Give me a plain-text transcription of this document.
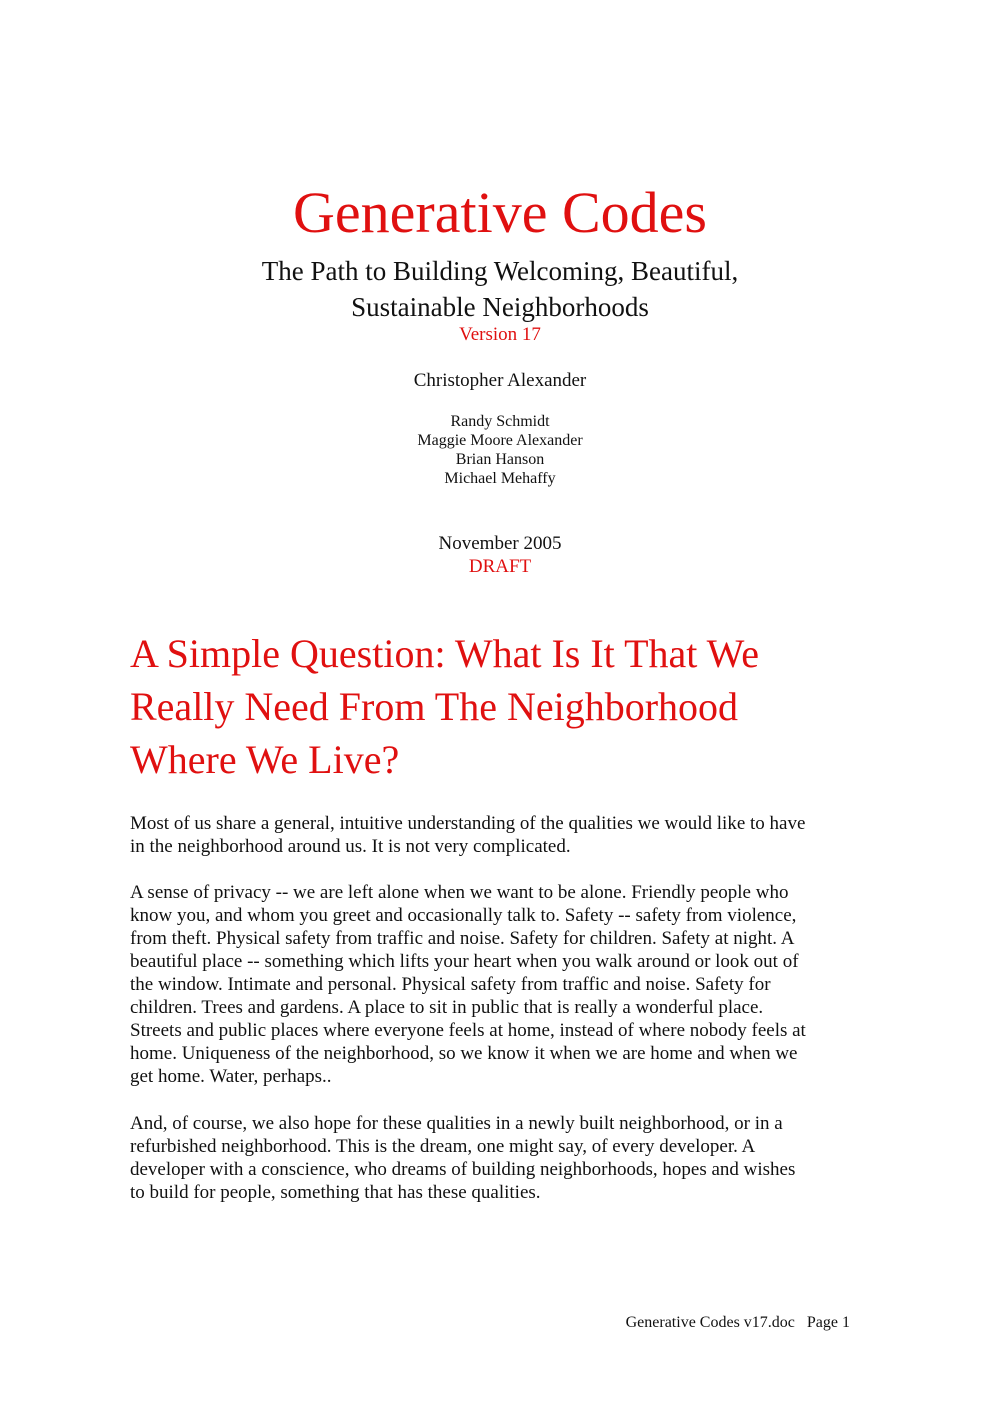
Generative Codes
The Path to Building Welcoming, Beautiful,
Sustainable Neighborhoods
Version 17
Christopher Alexander
Randy Schmidt
Maggie Moore Alexander
Brian Hanson
Michael Mehaffy
November 2005
DRAFT
A Simple Question: What Is It That We
Really Need From The Neighborhood
Where We Live?
Most of us share a general, intuitive understanding of the qualities we would like to have
in the neighborhood around us. It is not very complicated.
A sense of privacy -- we are left alone when we want to be alone. Friendly people who
know you, and whom you greet and occasionally talk to. Safety -- safety from violence,
from theft. Physical safety from traffic and noise. Safety for children. Safety at night. A
beautiful place -- something which lifts your heart when you walk around or look out of
the window. Intimate and personal. Physical safety from traffic and noise. Safety for
children. Trees and gardens. A place to sit in public that is really a wonderful place.
Streets and public places where everyone feels at home, instead of where nobody feels at
home. Uniqueness of the neighborhood, so we know it when we are home and when we
get home. Water, perhaps..
And, of course, we also hope for these qualities in a newly built neighborhood, or in a
refurbished neighborhood. This is the dream, one might say, of every developer. A
developer with a conscience, who dreams of building neighborhoods, hopes and wishes
to build for people, something that has these qualities.
Generative Codes v17.doc   Page 1
